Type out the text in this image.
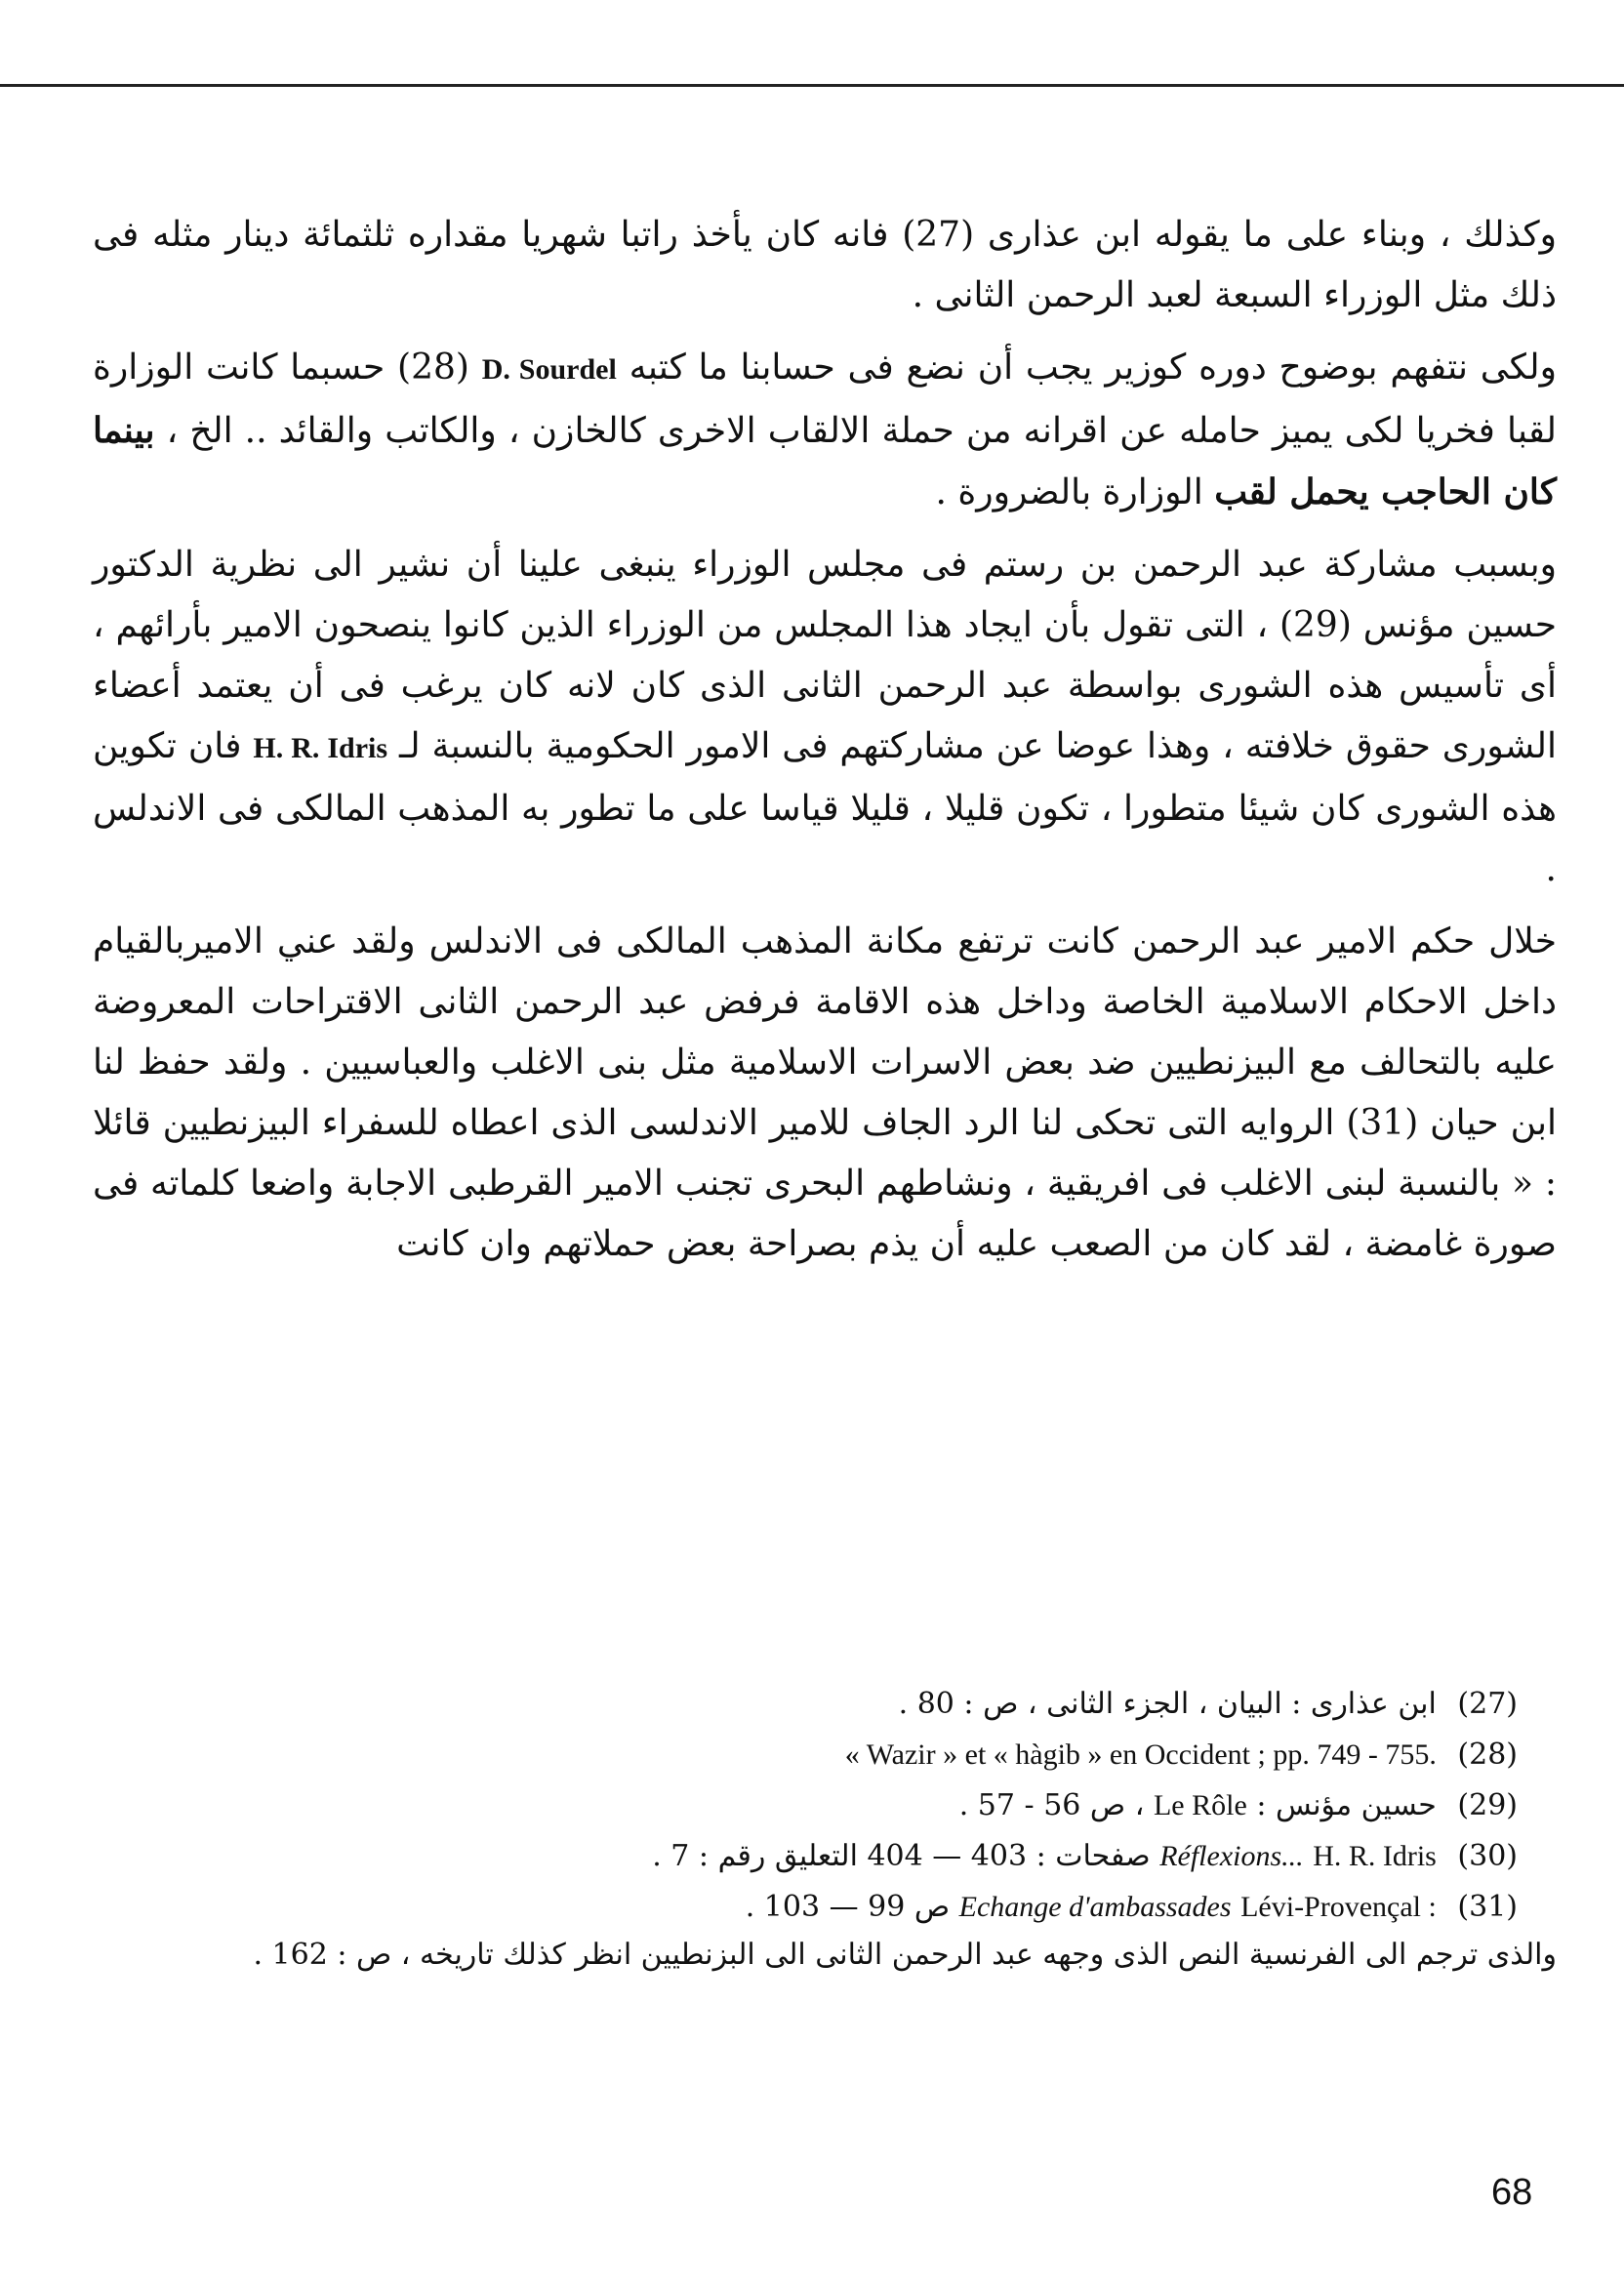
وكذلك ، وبناء على ما يقوله ابن عذارى (27) فانه كان يأخذ راتبا شهريا مقداره ثلثمائة دينار مثله فى ذلك مثل الوزراء السبعة لعبد الرحمن الثانى .

ولكى نتفهم بوضوح دوره كوزير يجب أن نضع فى حسابنا ما كتبه D. Sourdel (28) حسبما كانت الوزارة لقبا فخريا لكى يميز حامله عن اقرانه من حملة الالقاب الاخرى كالخازن ، والكاتب والقائد .. الخ ، بينما كان الحاجب يحمل لقب الوزارة بالضرورة .

وبسبب مشاركة عبد الرحمن بن رستم فى مجلس الوزراء ينبغى علينا أن نشير الى نظرية الدكتور حسين مؤنس (29) ، التى تقول بأن ايجاد هذا المجلس من الوزراء الذين كانوا ينصحون الامير بأرائهم ، أى تأسيس هذه الشورى بواسطة عبد الرحمن الثانى الذى كان لانه كان يرغب فى أن يعتمد أعضاء الشورى حقوق خلافته ، وهذا عوضا عن مشاركتهم فى الامور الحكومية بالنسبة لـ H. R. Idris فان تكوين هذه الشورى كان شيئا متطورا ، تكون قليلا ، قليلا قياسا على ما تطور به المذهب المالكى فى الاندلس .

خلال حكم الامير عبد الرحمن كانت ترتفع مكانة المذهب المالكى فى الاندلس ولقد عني الاميربالقيام داخل الاحكام الاسلامية الخاصة وداخل هذه الاقامة فرفض عبد الرحمن الثانى الاقتراحات المعروضة عليه بالتحالف مع البيزنطيين ضد بعض الاسرات الاسلامية مثل بنى الاغلب والعباسيين . ولقد حفظ لنا ابن حيان (31) الروايه التى تحكى لنا الرد الجاف للامير الاندلسى الذى اعطاه للسفراء البيزنطيين قائلا : « بالنسبة لبنى الاغلب فى افريقية ، ونشاطهم البحرى تجنب الامير القرطبى الاجابة واضعا كلماته فى صورة غامضة ، لقد كان من الصعب عليه أن يذم بصراحة بعض حملاتهم وان كانت

(27) ابن عذارى : البيان ، الجزء الثانى ، ص : 80 .

(28) « Wazir » et « hàgib » en Occident ; pp. 749 - 755.

(29) حسين مؤنس : Le Rôle ، ص 56 - 57 .

(30) H. R. Idris Réflexions... صفحات : 403 — 404 التعليق رقم : 7 .

(31) Lévi-Provençal : Echange d'ambassades ص 99 — 103 .

والذى ترجم الى الفرنسية النص الذى وجهه عبد الرحمن الثانى الى البزنطيين انظر كذلك تاريخه ، ص : 162 .

68
